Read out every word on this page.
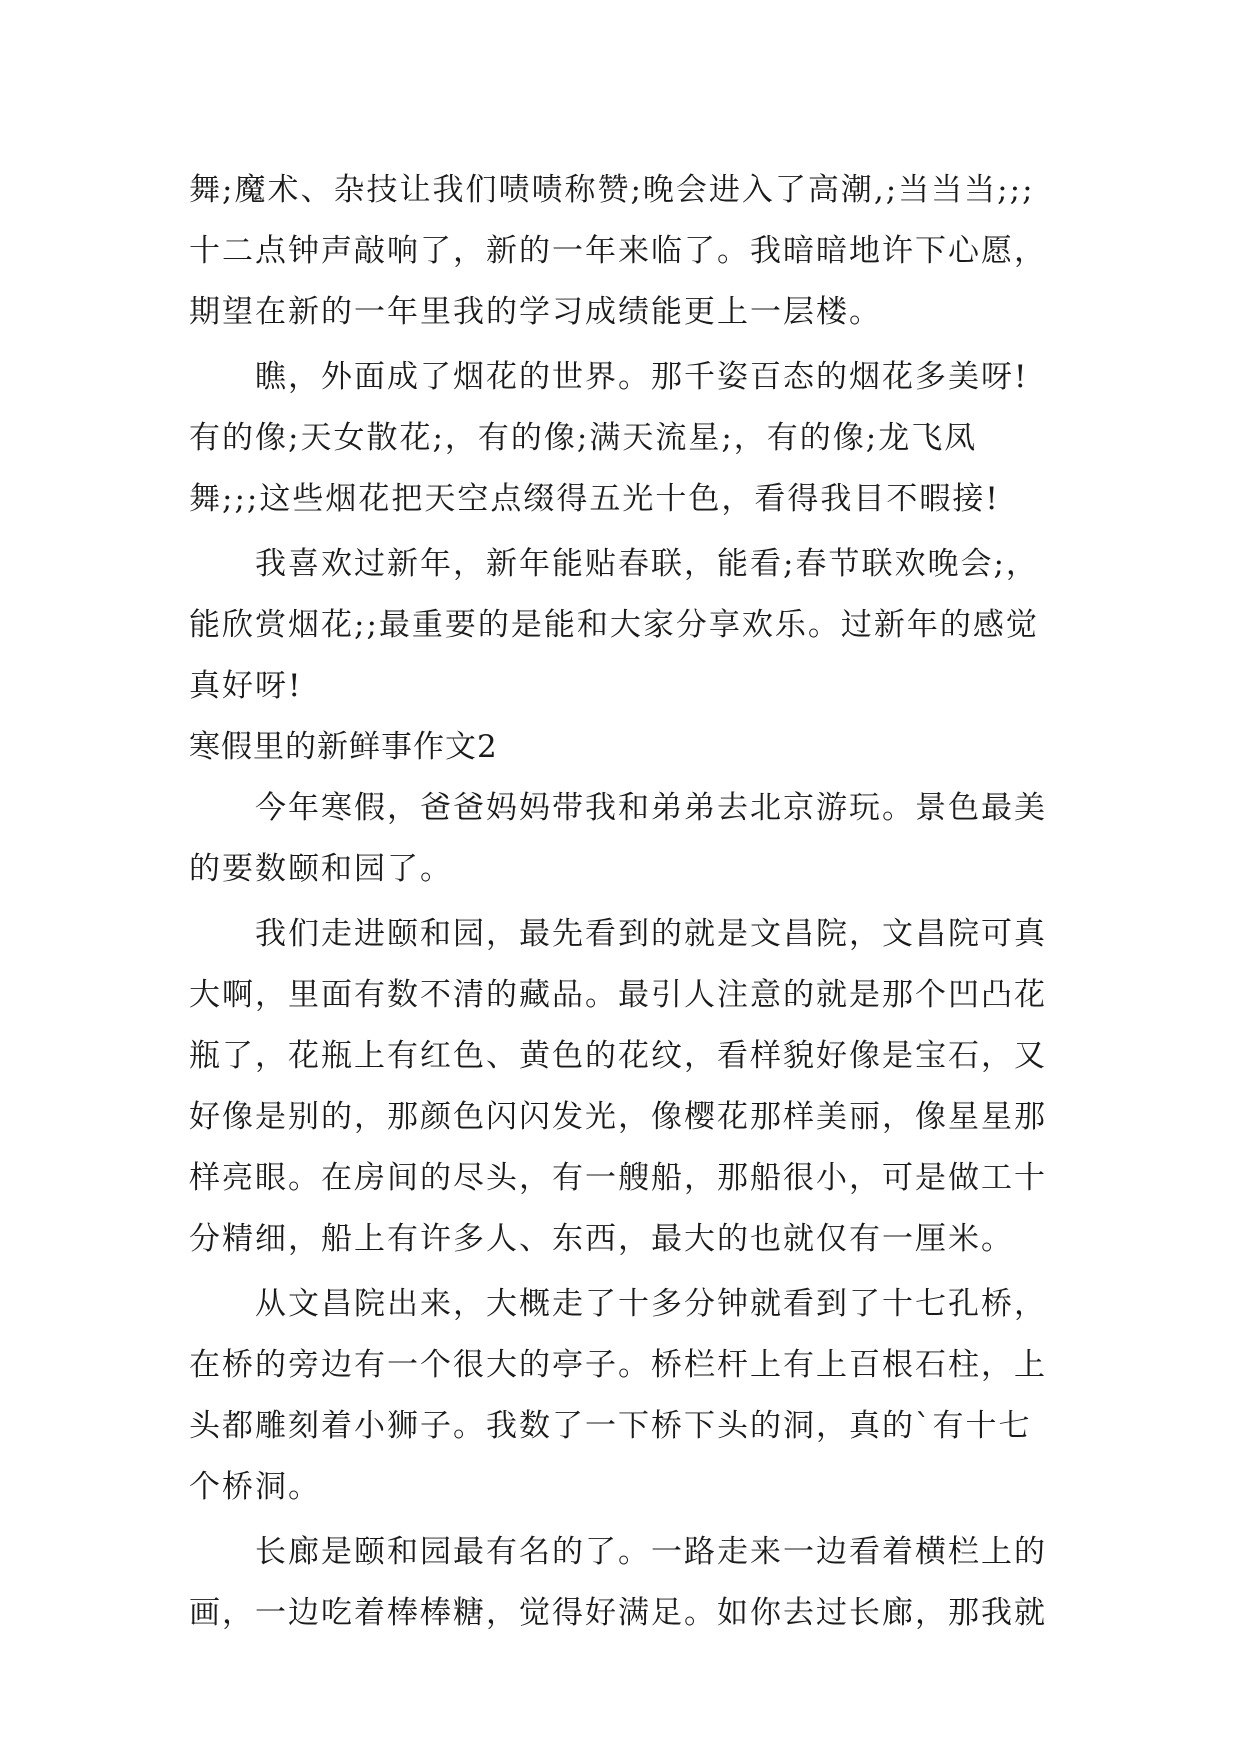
舞;魔术、杂技让我们啧啧称赞;晚会进入了高潮,;当当当;;;
十二点钟声敲响了，新的一年来临了。我暗暗地许下心愿，
期望在新的一年里我的学习成绩能更上一层楼。
瞧，外面成了烟花的世界。那千姿百态的烟花多美呀!
有的像;天女散花;，有的像;满天流星;，有的像;龙飞凤
舞;;;这些烟花把天空点缀得五光十色，看得我目不暇接!
我喜欢过新年，新年能贴春联，能看;春节联欢晚会;，
能欣赏烟花;;最重要的是能和大家分享欢乐。过新年的感觉
真好呀!
寒假里的新鲜事作文2
今年寒假，爸爸妈妈带我和弟弟去北京游玩。景色最美
的要数颐和园了。
我们走进颐和园，最先看到的就是文昌院，文昌院可真
大啊，里面有数不清的藏品。最引人注意的就是那个凹凸花
瓶了，花瓶上有红色、黄色的花纹，看样貌好像是宝石，又
好像是别的，那颜色闪闪发光，像樱花那样美丽，像星星那
样亮眼。在房间的尽头，有一艘船，那船很小，可是做工十
分精细，船上有许多人、东西，最大的也就仅有一厘米。
从文昌院出来，大概走了十多分钟就看到了十七孔桥，
在桥的旁边有一个很大的亭子。桥栏杆上有上百根石柱，上
头都雕刻着小狮子。我数了一下桥下头的洞，真的`有十七
个桥洞。
长廊是颐和园最有名的了。一路走来一边看着横栏上的
画，一边吃着棒棒糖，觉得好满足。如你去过长廊，那我就
